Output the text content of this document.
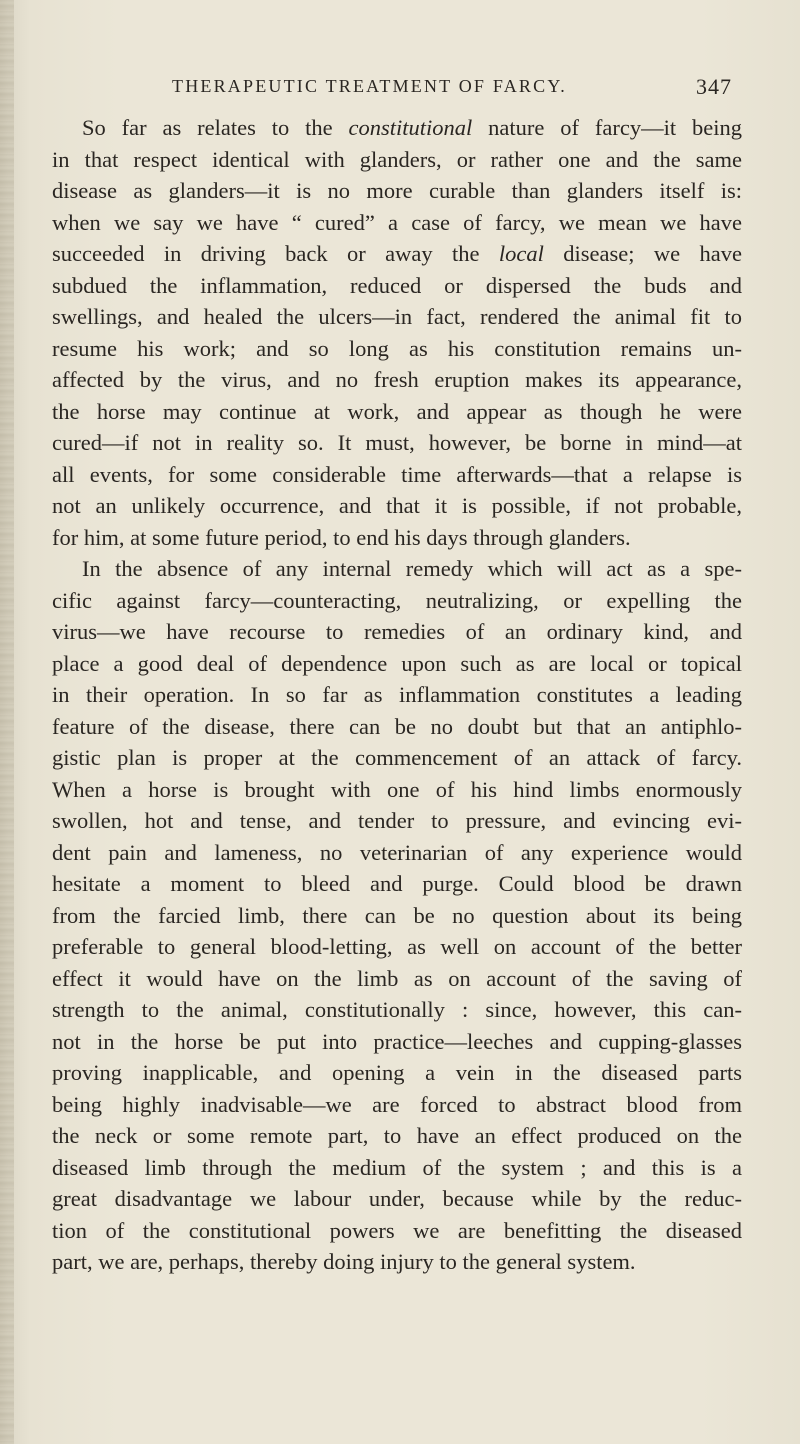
THERAPEUTIC TREATMENT OF FARCY.	347
So far as relates to the constitutional nature of farcy—it being
in that respect identical with glanders, or rather one and the same
disease as glanders—it is no more curable than glanders itself is:
when we say we have “ cured” a case of farcy, we mean we have
succeeded in driving back or away the local disease; we have
subdued the inflammation, reduced or dispersed the buds and
swellings, and healed the ulcers—in fact, rendered the animal fit to
resume his work; and so long as his constitution remains un-
affected by the virus, and no fresh eruption makes its appearance,
the horse may continue at work, and appear as though he were
cured—if not in reality so. It must, however, be borne in mind—at
all events, for some considerable time afterwards—that a relapse is
not an unlikely occurrence, and that it is possible, if not probable,
for him, at some future period, to end his days through glanders.
In the absence of any internal remedy which will act as a spe-
cific against farcy—counteracting, neutralizing, or expelling the
virus—we have recourse to remedies of an ordinary kind, and
place a good deal of dependence upon such as are local or topical
in their operation. In so far as inflammation constitutes a leading
feature of the disease, there can be no doubt but that an antiphlo-
gistic plan is proper at the commencement of an attack of farcy.
When a horse is brought with one of his hind limbs enormously
swollen, hot and tense, and tender to pressure, and evincing evi-
dent pain and lameness, no veterinarian of any experience would
hesitate a moment to bleed and purge. Could blood be drawn
from the farcied limb, there can be no question about its being
preferable to general blood-letting, as well on account of the better
effect it would have on the limb as on account of the saving of
strength to the animal, constitutionally : since, however, this can-
not in the horse be put into practice—leeches and cupping-glasses
proving inapplicable, and opening a vein in the diseased parts
being highly inadvisable—we are forced to abstract blood from
the neck or some remote part, to have an effect produced on the
diseased limb through the medium of the system ; and this is a
great disadvantage we labour under, because while by the reduc-
tion of the constitutional powers we are benefitting the diseased
part, we are, perhaps, thereby doing injury to the general system.
